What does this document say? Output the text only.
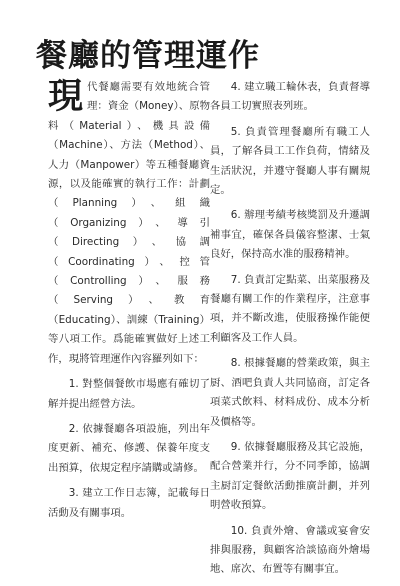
餐廳的管理運作

現代餐廳需要有效地統合管理：資金（Money）、原物料（Material）、機具設備（Machine）、方法（Method）、人力（Manpower）等五種餐廳資源，以及能確實的執行工作：計劃（Planning）、組織（Organizing）、導引（Directing）、協調（Coordinating）、控管（Controlling）、服務（Serving）、教育（Educating）、訓練（Training）等八項工作。爲能確實做好上述工作，現將管理運作內容羅列如下：

1. 對整個餐飲市場應有確切了解并提出經營方法。

2. 依據餐廳各項設施，列出年度更新、補充、修護、保養年度支出預算，依規定程序請購或請修。

3. 建立工作日志簿，記載每日活動及有關事項。

4. 建立職工輪休表，負責督導各員工切實照表列班。

5. 負責管理餐廳所有職工人員，了解各員工工作負荷，情緒及生活狀況，并遵守餐廳人事有關規定。

6. 辦理考績考核獎罰及升遷調補事宜，確保各員儀容整潔、士氣良好，保持高水准的服務精神。

7. 負責訂定點菜、出菜服務及餐廳有關工作的作業程序，注意事項，并不斷改進，使服務操作能便利顧客及工作人員。

8. 根據餐廳的營業政策，與主厨、酒吧負責人共同協商，訂定各項菜式飲料、材料成份、成本分析及價格等。

9. 依據餐廳服務及其它設施，配合營業并行，分不同季節，協調主厨訂定餐飲活動推廣計劃，并列明營收預算。

10. 負責外燴、會議或宴會安排與服務，與顧客洽談協商外燴場地、席次、布置等有關事宜。
